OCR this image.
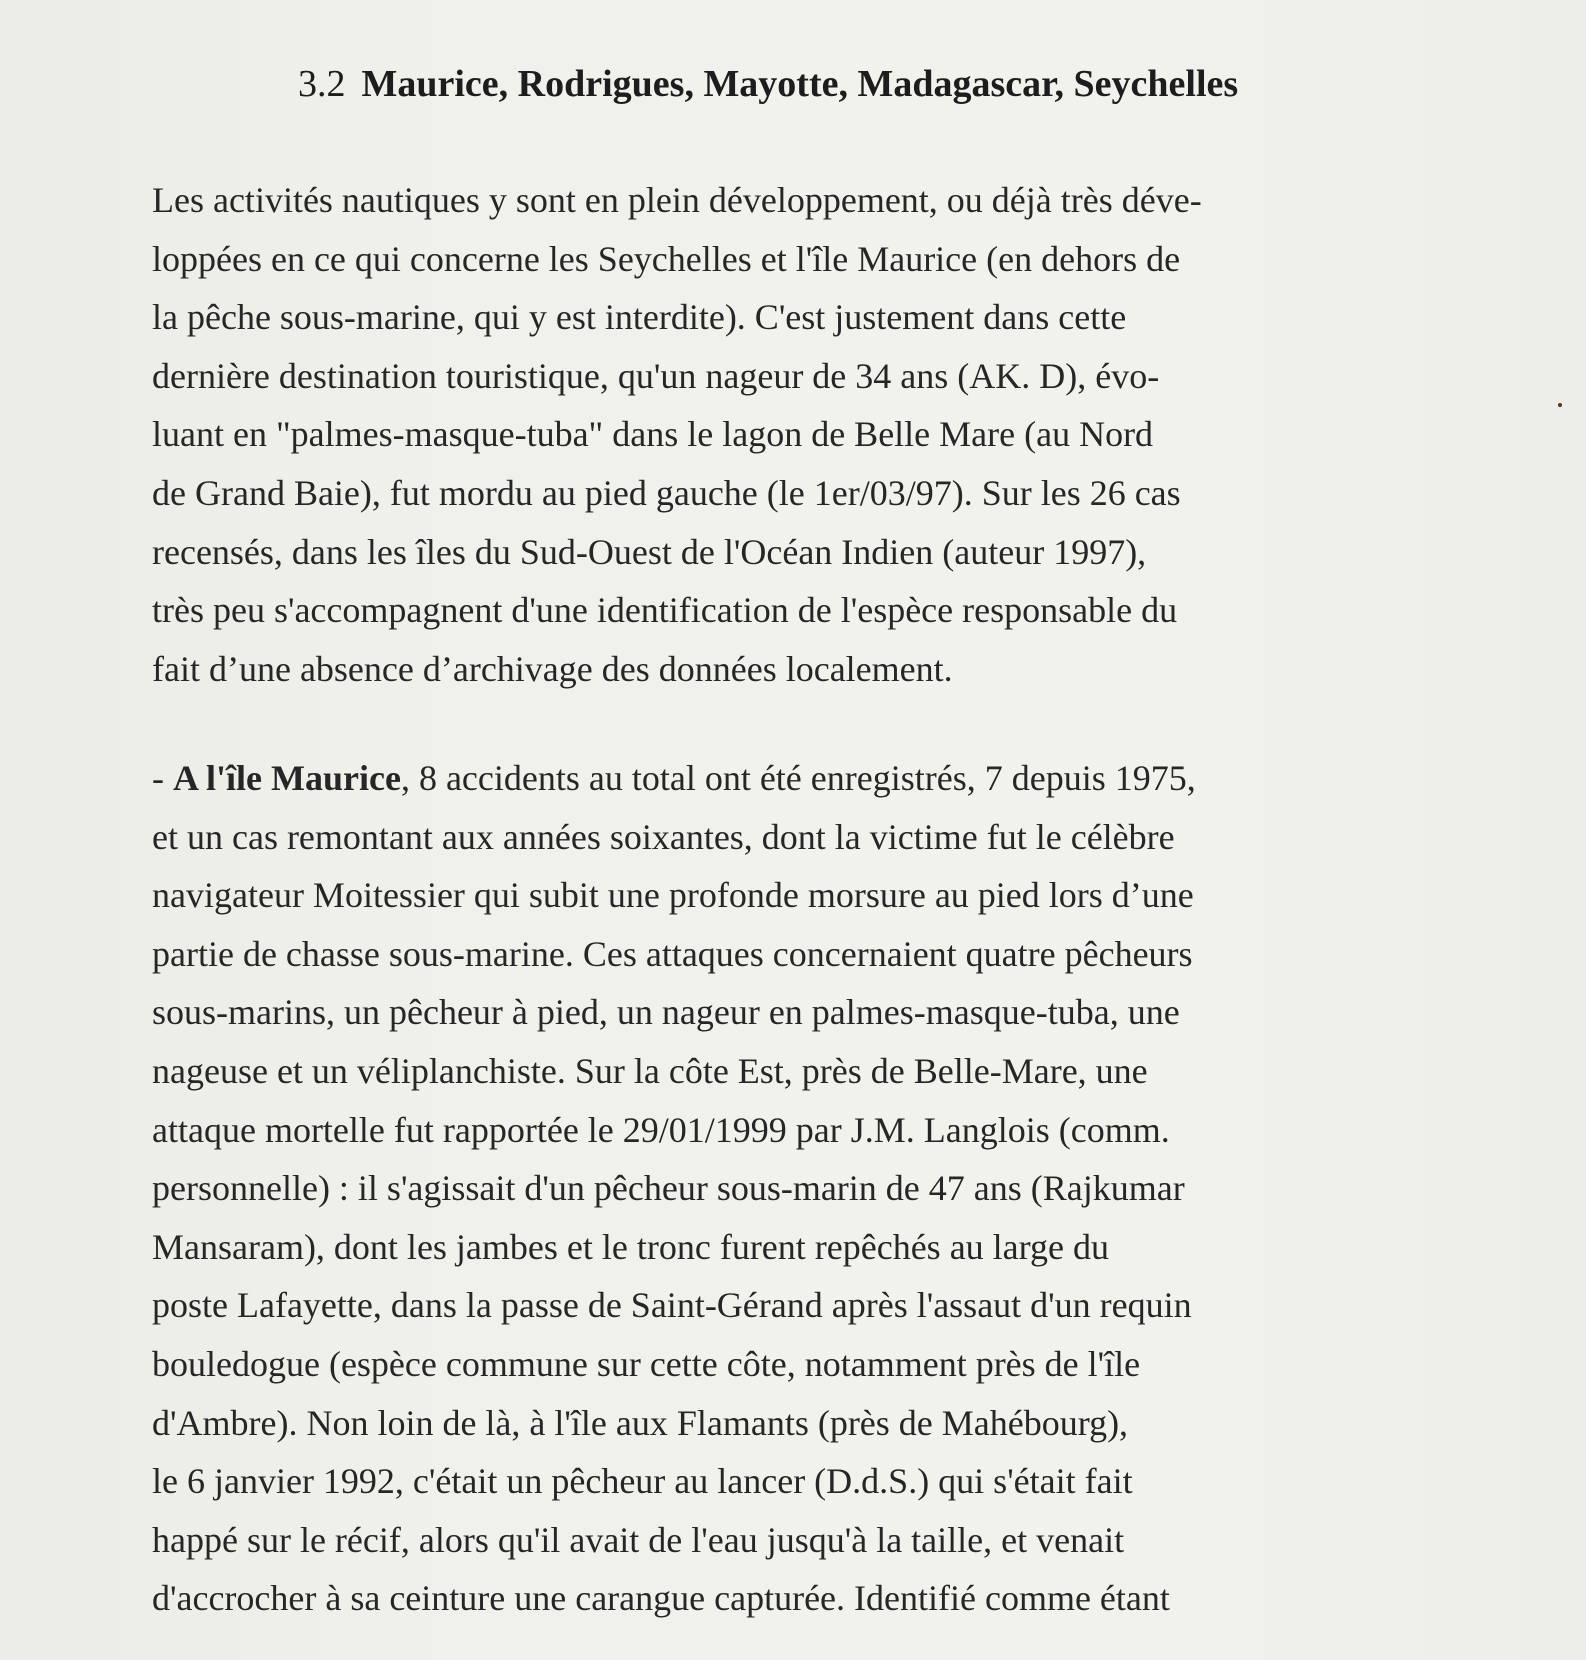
3.2 Maurice, Rodrigues, Mayotte, Madagascar, Seychelles
Les activités nautiques y sont en plein développement, ou déjà très déve-
loppées en ce qui concerne les Seychelles et l'île Maurice (en dehors de
la pêche sous-marine, qui y est interdite). C'est justement dans cette
dernière destination touristique, qu'un nageur de 34 ans (AK. D), évo-
luant en "palmes-masque-tuba" dans le lagon de Belle Mare (au Nord
de Grand Baie), fut mordu au pied gauche (le 1er/03/97). Sur les 26 cas
recensés, dans les îles du Sud-Ouest de l'Océan Indien (auteur 1997),
très peu s'accompagnent d'une identification de l'espèce responsable du
fait d’une absence d’archivage des données localement.
- A l'île Maurice, 8 accidents au total ont été enregistrés, 7 depuis 1975,
et un cas remontant aux années soixantes, dont la victime fut le célèbre
navigateur Moitessier qui subit une profonde morsure au pied lors d’une
partie de chasse sous-marine. Ces attaques concernaient quatre pêcheurs
sous-marins, un pêcheur à pied, un nageur en palmes-masque-tuba, une
nageuse et un véliplanchiste. Sur la côte Est, près de Belle-Mare, une
attaque mortelle fut rapportée le 29/01/1999 par J.M. Langlois (comm.
personnelle) : il s'agissait d'un pêcheur sous-marin de 47 ans (Rajkumar
Mansaram), dont les jambes et le tronc furent repêchés au large du
poste Lafayette, dans la passe de Saint-Gérand après l'assaut d'un requin
bouledogue (espèce commune sur cette côte, notamment près de l'île
d'Ambre). Non loin de là, à l'île aux Flamants (près de Mahébourg),
le 6 janvier 1992, c'était un pêcheur au lancer (D.d.S.) qui s'était fait
happé sur le récif, alors qu'il avait de l'eau jusqu'à la taille, et venait
d'accrocher à sa ceinture une carangue capturée. Identifié comme étant
